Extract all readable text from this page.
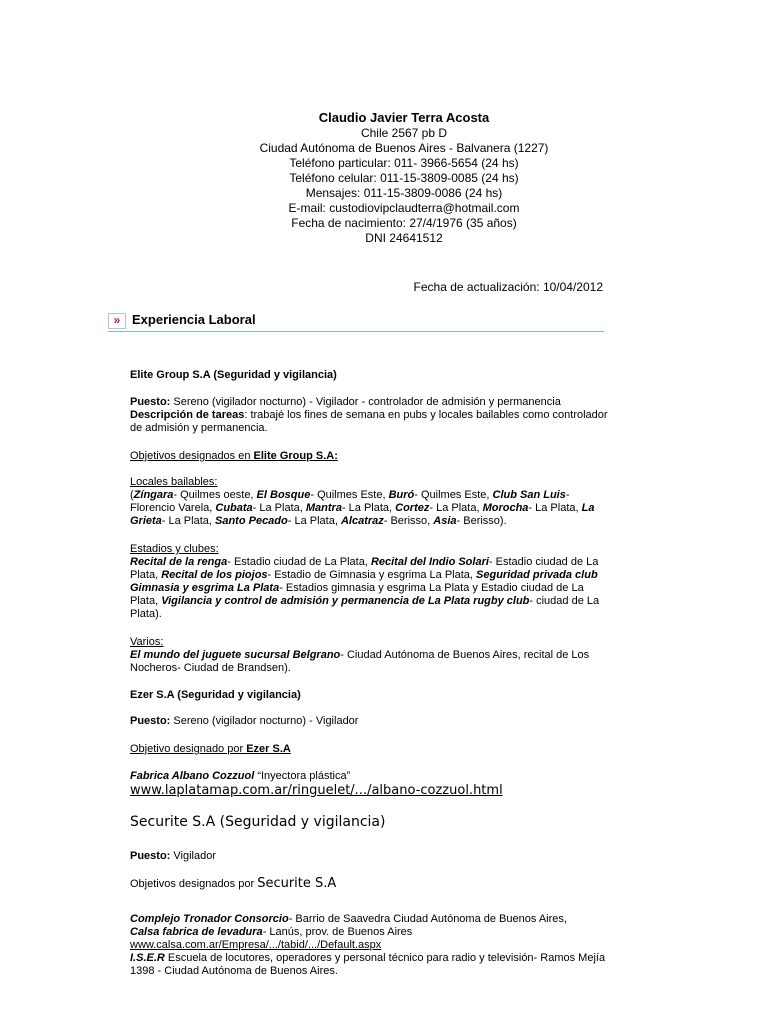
Claudio Javier Terra Acosta
Chile 2567 pb D
Ciudad Autónoma de Buenos Aires - Balvanera (1227)
Teléfono particular: 011- 3966-5654 (24 hs)
Teléfono celular: 011-15-3809-0085 (24 hs)
Mensajes: 011-15-3809-0086 (24 hs)
E-mail: custodiovipclaudterra@hotmail.com
Fecha de nacimiento: 27/4/1976 (35 años)
DNI 24641512
Fecha de actualización: 10/04/2012
» Experiencia Laboral
Elite Group S.A (Seguridad y vigilancia)
Puesto: Sereno (vigilador nocturno) - Vigilador - controlador de admisión y permanencia
Descripción de tareas: trabajé los fines de semana en pubs y locales bailables como controlador de admisión y permanencia.
Objetivos designados en Elite Group S.A:
Locales bailables:
(Zíngara- Quilmes oeste, El Bosque- Quilmes Este, Buró- Quilmes Este, Club San Luis- Florencio Varela, Cubata- La Plata, Mantra- La Plata, Cortez- La Plata, Morocha- La Plata, La Grieta- La Plata, Santo Pecado- La Plata, Alcatraz- Berisso, Asia- Berisso).
Estadios y clubes:
Recital de la renga- Estadio ciudad de La Plata, Recital del Indio Solari- Estadio ciudad de La Plata, Recital de los piojos- Estadio de Gimnasia y esgrima La Plata, Seguridad privada club Gimnasia y esgrima La Plata- Estadios gimnasia y esgrima La Plata y Estadio ciudad de La Plata, Vigilancia y control de admisión y permanencia de La Plata rugby club- ciudad de La Plata).
Varios:
El mundo del juguete sucursal Belgrano- Ciudad Autónoma de Buenos Aires, recital de Los Nocheros- Ciudad de Brandsen).
Ezer S.A (Seguridad y vigilancia)
Puesto: Sereno (vigilador nocturno) - Vigilador
Objetivo designado por Ezer S.A
Fabrica Albano Cozzuol “Inyectora plástica”
www.laplatamap.com.ar/ringuelet/.../albano-cozzuol.html
Securite S.A (Seguridad y vigilancia)
Puesto: Vigilador
Objetivos designados por Securite S.A
Complejo Tronador Consorcio- Barrio de Saavedra Ciudad Autónoma de Buenos Aires,
Calsa fabrica de levadura- Lanús, prov. de Buenos Aires
www.calsa.com.ar/Empresa/.../tabid/.../Default.aspx
I.S.E.R Escuela de locutores, operadores y personal técnico para radio y televisión- Ramos Mejía 1398 - Ciudad Autónoma de Buenos Aires.
